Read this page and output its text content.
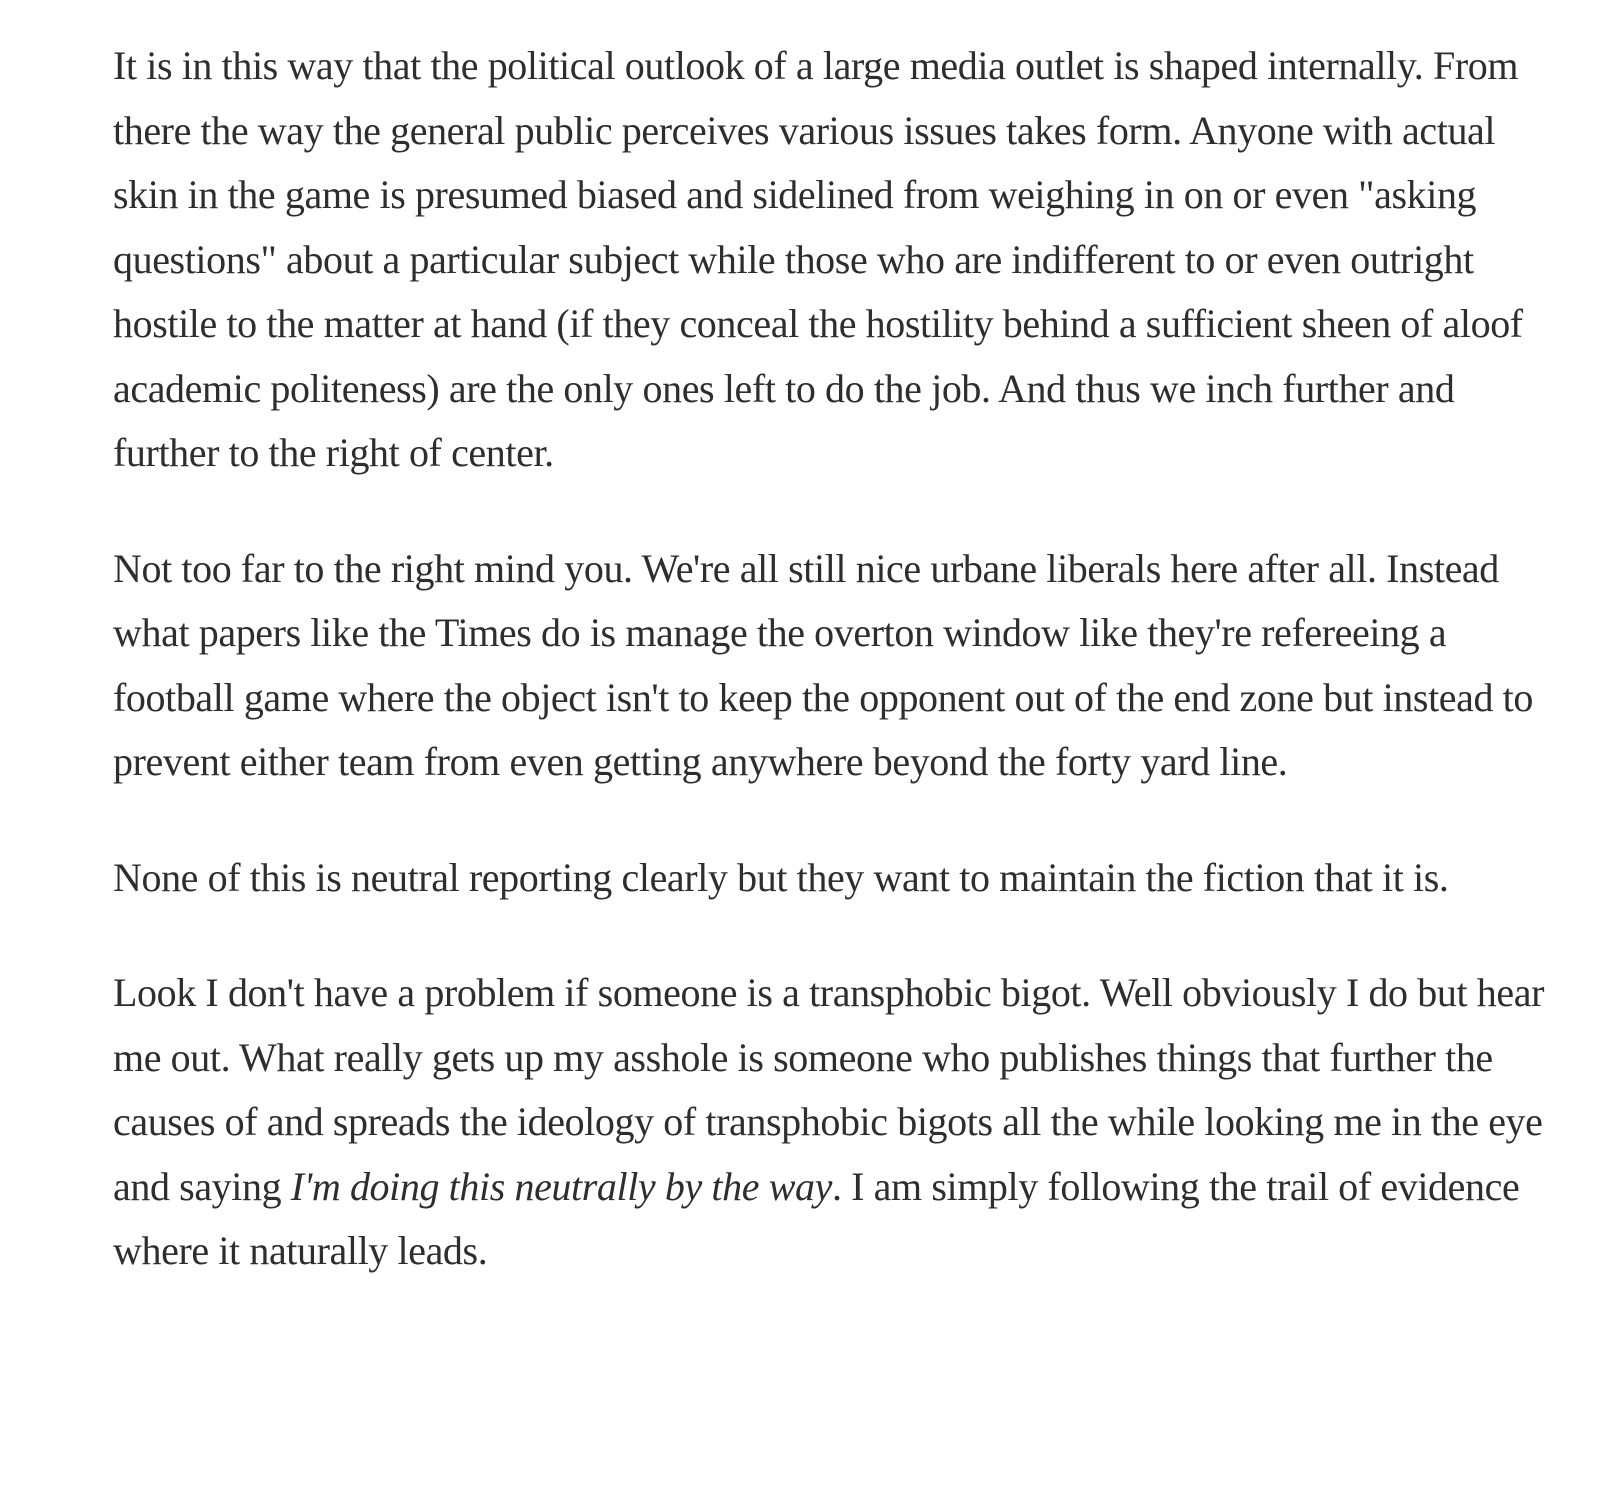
It is in this way that the political outlook of a large media outlet is shaped internally. From there the way the general public perceives various issues takes form. Anyone with actual skin in the game is presumed biased and sidelined from weighing in on or even "asking questions" about a particular subject while those who are indifferent to or even outright hostile to the matter at hand (if they conceal the hostility behind a sufficient sheen of aloof academic politeness) are the only ones left to do the job. And thus we inch further and further to the right of center.

Not too far to the right mind you. We're all still nice urbane liberals here after all. Instead what papers like the Times do is manage the overton window like they're refereeing a football game where the object isn't to keep the opponent out of the end zone but instead to prevent either team from even getting anywhere beyond the forty yard line.

None of this is neutral reporting clearly but they want to maintain the fiction that it is.

Look I don't have a problem if someone is a transphobic bigot. Well obviously I do but hear me out. What really gets up my asshole is someone who publishes things that further the causes of and spreads the ideology of transphobic bigots all the while looking me in the eye and saying I'm doing this neutrally by the way. I am simply following the trail of evidence where it naturally leads.
